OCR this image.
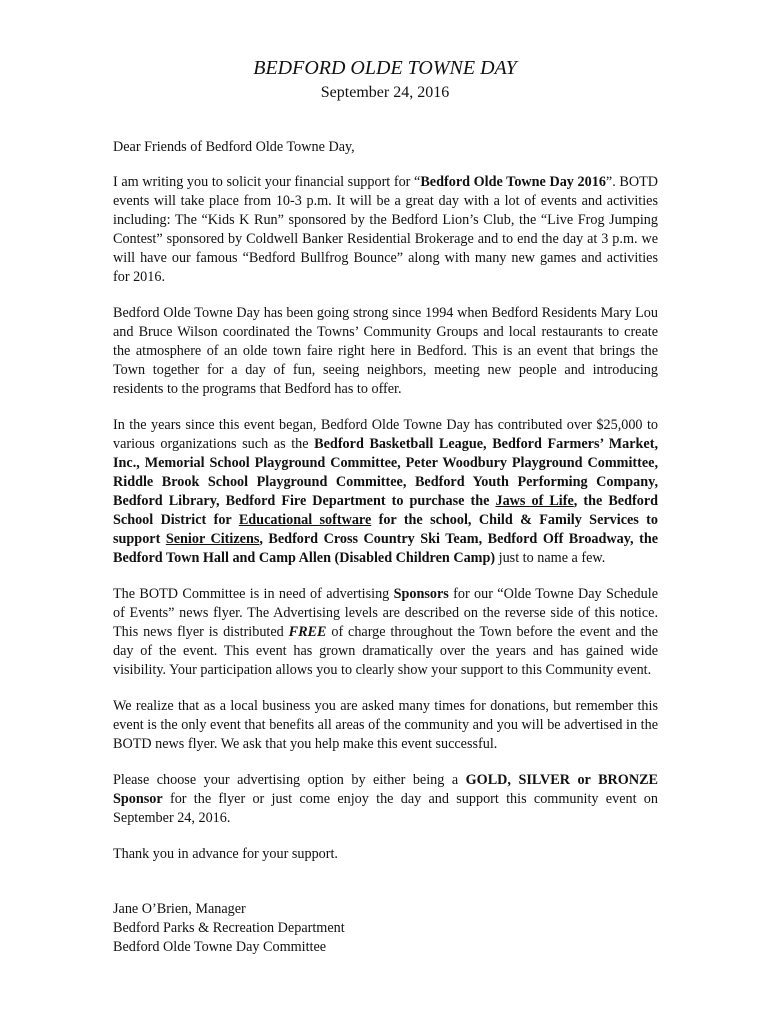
BEDFORD OLDE TOWNE DAY
September 24, 2016

Dear Friends of Bedford Olde Towne Day,

I am writing you to solicit your financial support for “Bedford Olde Towne Day 2016”. BOTD events will take place from 10-3 p.m. It will be a great day with a lot of events and activities including: The “Kids K Run” sponsored by the Bedford Lion’s Club, the “Live Frog Jumping Contest” sponsored by Coldwell Banker Residential Brokerage and to end the day at 3 p.m. we will have our famous “Bedford Bullfrog Bounce” along with many new games and activities for 2016.

Bedford Olde Towne Day has been going strong since 1994 when Bedford Residents Mary Lou and Bruce Wilson coordinated the Towns’ Community Groups and local restaurants to create the atmosphere of an olde town faire right here in Bedford. This is an event that brings the Town together for a day of fun, seeing neighbors, meeting new people and introducing residents to the programs that Bedford has to offer.

In the years since this event began, Bedford Olde Towne Day has contributed over $25,000 to various organizations such as the Bedford Basketball League, Bedford Farmers’ Market, Inc., Memorial School Playground Committee, Peter Woodbury Playground Committee, Riddle Brook School Playground Committee, Bedford Youth Performing Company, Bedford Library, Bedford Fire Department to purchase the Jaws of Life, the Bedford School District for Educational software for the school, Child & Family Services to support Senior Citizens, Bedford Cross Country Ski Team, Bedford Off Broadway, the Bedford Town Hall and Camp Allen (Disabled Children Camp) just to name a few.

The BOTD Committee is in need of advertising Sponsors for our “Olde Towne Day Schedule of Events” news flyer. The Advertising levels are described on the reverse side of this notice. This news flyer is distributed FREE of charge throughout the Town before the event and the day of the event. This event has grown dramatically over the years and has gained wide visibility. Your participation allows you to clearly show your support to this Community event.

We realize that as a local business you are asked many times for donations, but remember this event is the only event that benefits all areas of the community and you will be advertised in the BOTD news flyer. We ask that you help make this event successful.

Please choose your advertising option by either being a GOLD, SILVER or BRONZE Sponsor for the flyer or just come enjoy the day and support this community event on September 24, 2016.

Thank you in advance for your support.

Jane O’Brien, Manager
Bedford Parks & Recreation Department
Bedford Olde Towne Day Committee
